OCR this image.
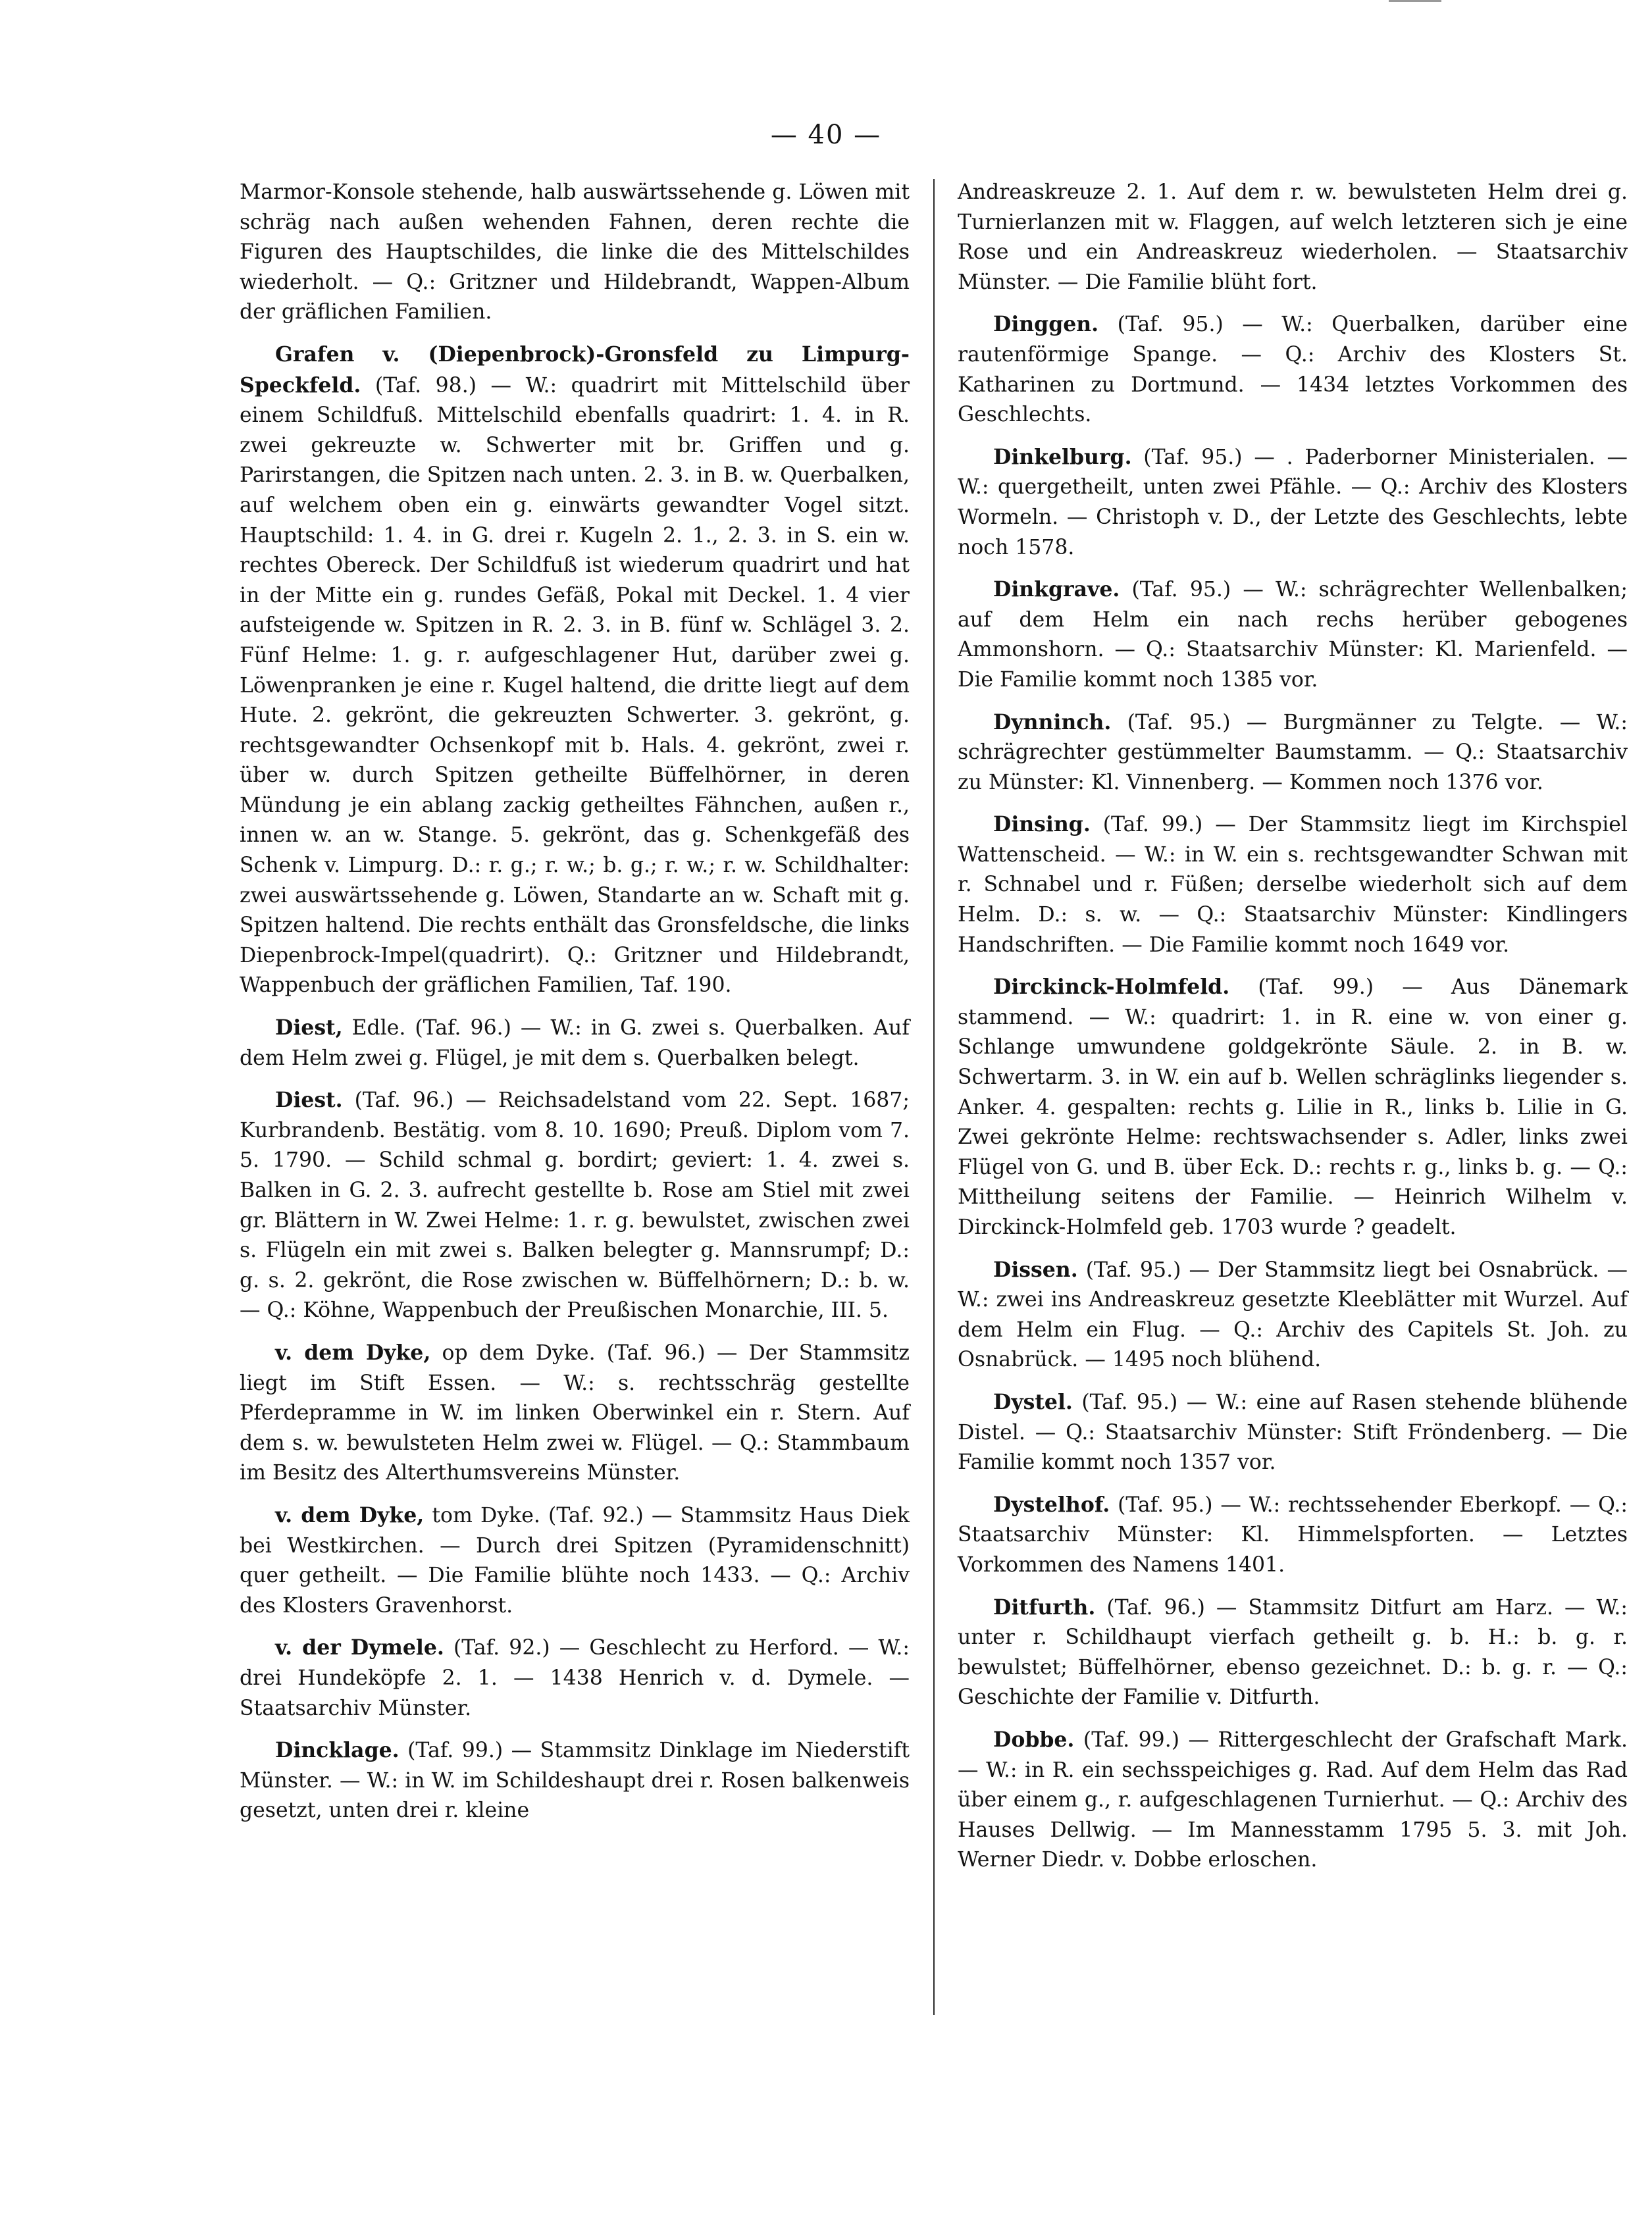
— 40 —

Marmor-Konsole stehende, halb auswärtssehende g. Löwen mit schräg nach außen wehenden Fahnen, deren rechte die Figuren des Hauptschildes, die linke die des Mittelschildes wiederholt. — Q.: Gritzner und Hildebrandt, Wappen-Album der gräflichen Familien.

Grafen v. (Diepenbrock)-Gronsfeld zu Limpurg-Speckfeld. (Taf. 98.) — W.: quadrirt mit Mittelschild über einem Schildfuß. Mittelschild ebenfalls quadrirt: 1. 4. in R. zwei gekreuzte w. Schwerter mit br. Griffen und g. Parirstangen, die Spitzen nach unten. 2. 3. in B. w. Querbalken, auf welchem oben ein g. einwärts gewandter Vogel sitzt. Hauptschild: 1. 4. in G. drei r. Kugeln 2. 1., 2. 3. in S. ein w. rechtes Obereck. Der Schildfuß ist wiederum quadrirt und hat in der Mitte ein g. rundes Gefäß, Pokal mit Deckel. 1. 4 vier aufsteigende w. Spitzen in R. 2. 3. in B. fünf w. Schlägel 3. 2. Fünf Helme: 1. g. r. aufgeschlagener Hut, darüber zwei g. Löwenpranken je eine r. Kugel haltend, die dritte liegt auf dem Hute. 2. gekrönt, die gekreuzten Schwerter. 3. gekrönt, g. rechtsgewandter Ochsenkopf mit b. Hals. 4. gekrönt, zwei r. über w. durch Spitzen getheilte Büffelhörner, in deren Mündung je ein ablang zackig getheiltes Fähnchen, außen r., innen w. an w. Stange. 5. gekrönt, das g. Schenkgefäß des Schenk v. Limpurg. D.: r. g.; r. w.; b. g.; r. w.; r. w. Schildhalter: zwei auswärtssehende g. Löwen, Standarte an w. Schaft mit g. Spitzen haltend. Die rechts enthält das Gronsfeldsche, die links Diepenbrock-Impel(quadrirt). Q.: Gritzner und Hildebrandt, Wappenbuch der gräflichen Familien, Taf. 190.

Diest, Edle. (Taf. 96.) — W.: in G. zwei s. Querbalken. Auf dem Helm zwei g. Flügel, je mit dem s. Querbalken belegt.

Diest. (Taf. 96.) — Reichsadelstand vom 22. Sept. 1687; Kurbrandenb. Bestätig. vom 8. 10. 1690; Preuß. Diplom vom 7. 5. 1790. — Schild schmal g. bordirt; geviert: 1. 4. zwei s. Balken in G. 2. 3. aufrecht gestellte b. Rose am Stiel mit zwei gr. Blättern in W. Zwei Helme: 1. r. g. bewulstet, zwischen zwei s. Flügeln ein mit zwei s. Balken belegter g. Mannsrumpf; D.: g. s. 2. gekrönt, die Rose zwischen w. Büffelhörnern; D.: b. w. — Q.: Köhne, Wappenbuch der Preußischen Monarchie, III. 5.

v. dem Dyke, op dem Dyke. (Taf. 96.) — Der Stammsitz liegt im Stift Essen. — W.: s. rechtsschräg gestellte Pferdepramme in W. im linken Oberwinkel ein r. Stern. Auf dem s. w. bewulsteten Helm zwei w. Flügel. — Q.: Stammbaum im Besitz des Alterthumsvereins Münster.

v. dem Dyke, tom Dyke. (Taf. 92.) — Stammsitz Haus Diek bei Westkirchen. — Durch drei Spitzen (Pyramidenschnitt) quer getheilt. — Die Familie blühte noch 1433. — Q.: Archiv des Klosters Gravenhorst.

v. der Dymele. (Taf. 92.) — Geschlecht zu Herford. — W.: drei Hundeköpfe 2. 1. — 1438 Henrich v. d. Dymele. — Staatsarchiv Münster.

Dincklage. (Taf. 99.) — Stammsitz Dinklage im Niederstift Münster. — W.: in W. im Schildeshaupt drei r. Rosen balkenweis gesetzt, unten drei r. kleine

Andreaskreuze 2. 1. Auf dem r. w. bewulsteten Helm drei g. Turnierlanzen mit w. Flaggen, auf welch letzteren sich je eine Rose und ein Andreaskreuz wiederholen. — Staatsarchiv Münster. — Die Familie blüht fort.

Dinggen. (Taf. 95.) — W.: Querbalken, darüber eine rautenförmige Spange. — Q.: Archiv des Klosters St. Katharinen zu Dortmund. — 1434 letztes Vorkommen des Geschlechts.

Dinkelburg. (Taf. 95.) — . Paderborner Ministerialen. — W.: quergetheilt, unten zwei Pfähle. — Q.: Archiv des Klosters Wormeln. — Christoph v. D., der Letzte des Geschlechts, lebte noch 1578.

Dinkgrave. (Taf. 95.) — W.: schrägrechter Wellenbalken; auf dem Helm ein nach rechs herüber gebogenes Ammonshorn. — Q.: Staatsarchiv Münster: Kl. Marienfeld. — Die Familie kommt noch 1385 vor.

Dynninch. (Taf. 95.) — Burgmänner zu Telgte. — W.: schrägrechter gestümmelter Baumstamm. — Q.: Staatsarchiv zu Münster: Kl. Vinnenberg. — Kommen noch 1376 vor.

Dinsing. (Taf. 99.) — Der Stammsitz liegt im Kirchspiel Wattenscheid. — W.: in W. ein s. rechtsgewandter Schwan mit r. Schnabel und r. Füßen; derselbe wiederholt sich auf dem Helm. D.: s. w. — Q.: Staatsarchiv Münster: Kindlingers Handschriften. — Die Familie kommt noch 1649 vor.

Dirckinck-Holmfeld. (Taf. 99.) — Aus Dänemark stammend. — W.: quadrirt: 1. in R. eine w. von einer g. Schlange umwundene goldgekrönte Säule. 2. in B. w. Schwertarm. 3. in W. ein auf b. Wellen schräglinks liegender s. Anker. 4. gespalten: rechts g. Lilie in R., links b. Lilie in G. Zwei gekrönte Helme: rechtswachsender s. Adler, links zwei Flügel von G. und B. über Eck. D.: rechts r. g., links b. g. — Q.: Mittheilung seitens der Familie. — Heinrich Wilhelm v. Dirckinck-Holmfeld geb. 1703 wurde ? geadelt.

Dissen. (Taf. 95.) — Der Stammsitz liegt bei Osnabrück. — W.: zwei ins Andreaskreuz gesetzte Kleeblätter mit Wurzel. Auf dem Helm ein Flug. — Q.: Archiv des Capitels St. Joh. zu Osnabrück. — 1495 noch blühend.

Dystel. (Taf. 95.) — W.: eine auf Rasen stehende blühende Distel. — Q.: Staatsarchiv Münster: Stift Fröndenberg. — Die Familie kommt noch 1357 vor.

Dystelhof. (Taf. 95.) — W.: rechtssehender Eberkopf. — Q.: Staatsarchiv Münster: Kl. Himmelspforten. — Letztes Vorkommen des Namens 1401.

Ditfurth. (Taf. 96.) — Stammsitz Ditfurt am Harz. — W.: unter r. Schildhaupt vierfach getheilt g. b. H.: b. g. r. bewulstet; Büffelhörner, ebenso gezeichnet. D.: b. g. r. — Q.: Geschichte der Familie v. Ditfurth.

Dobbe. (Taf. 99.) — Rittergeschlecht der Grafschaft Mark. — W.: in R. ein sechsspeichiges g. Rad. Auf dem Helm das Rad über einem g., r. aufgeschlagenen Turnierhut. — Q.: Archiv des Hauses Dellwig. — Im Mannesstamm 1795 5. 3. mit Joh. Werner Diedr. v. Dobbe erloschen.
